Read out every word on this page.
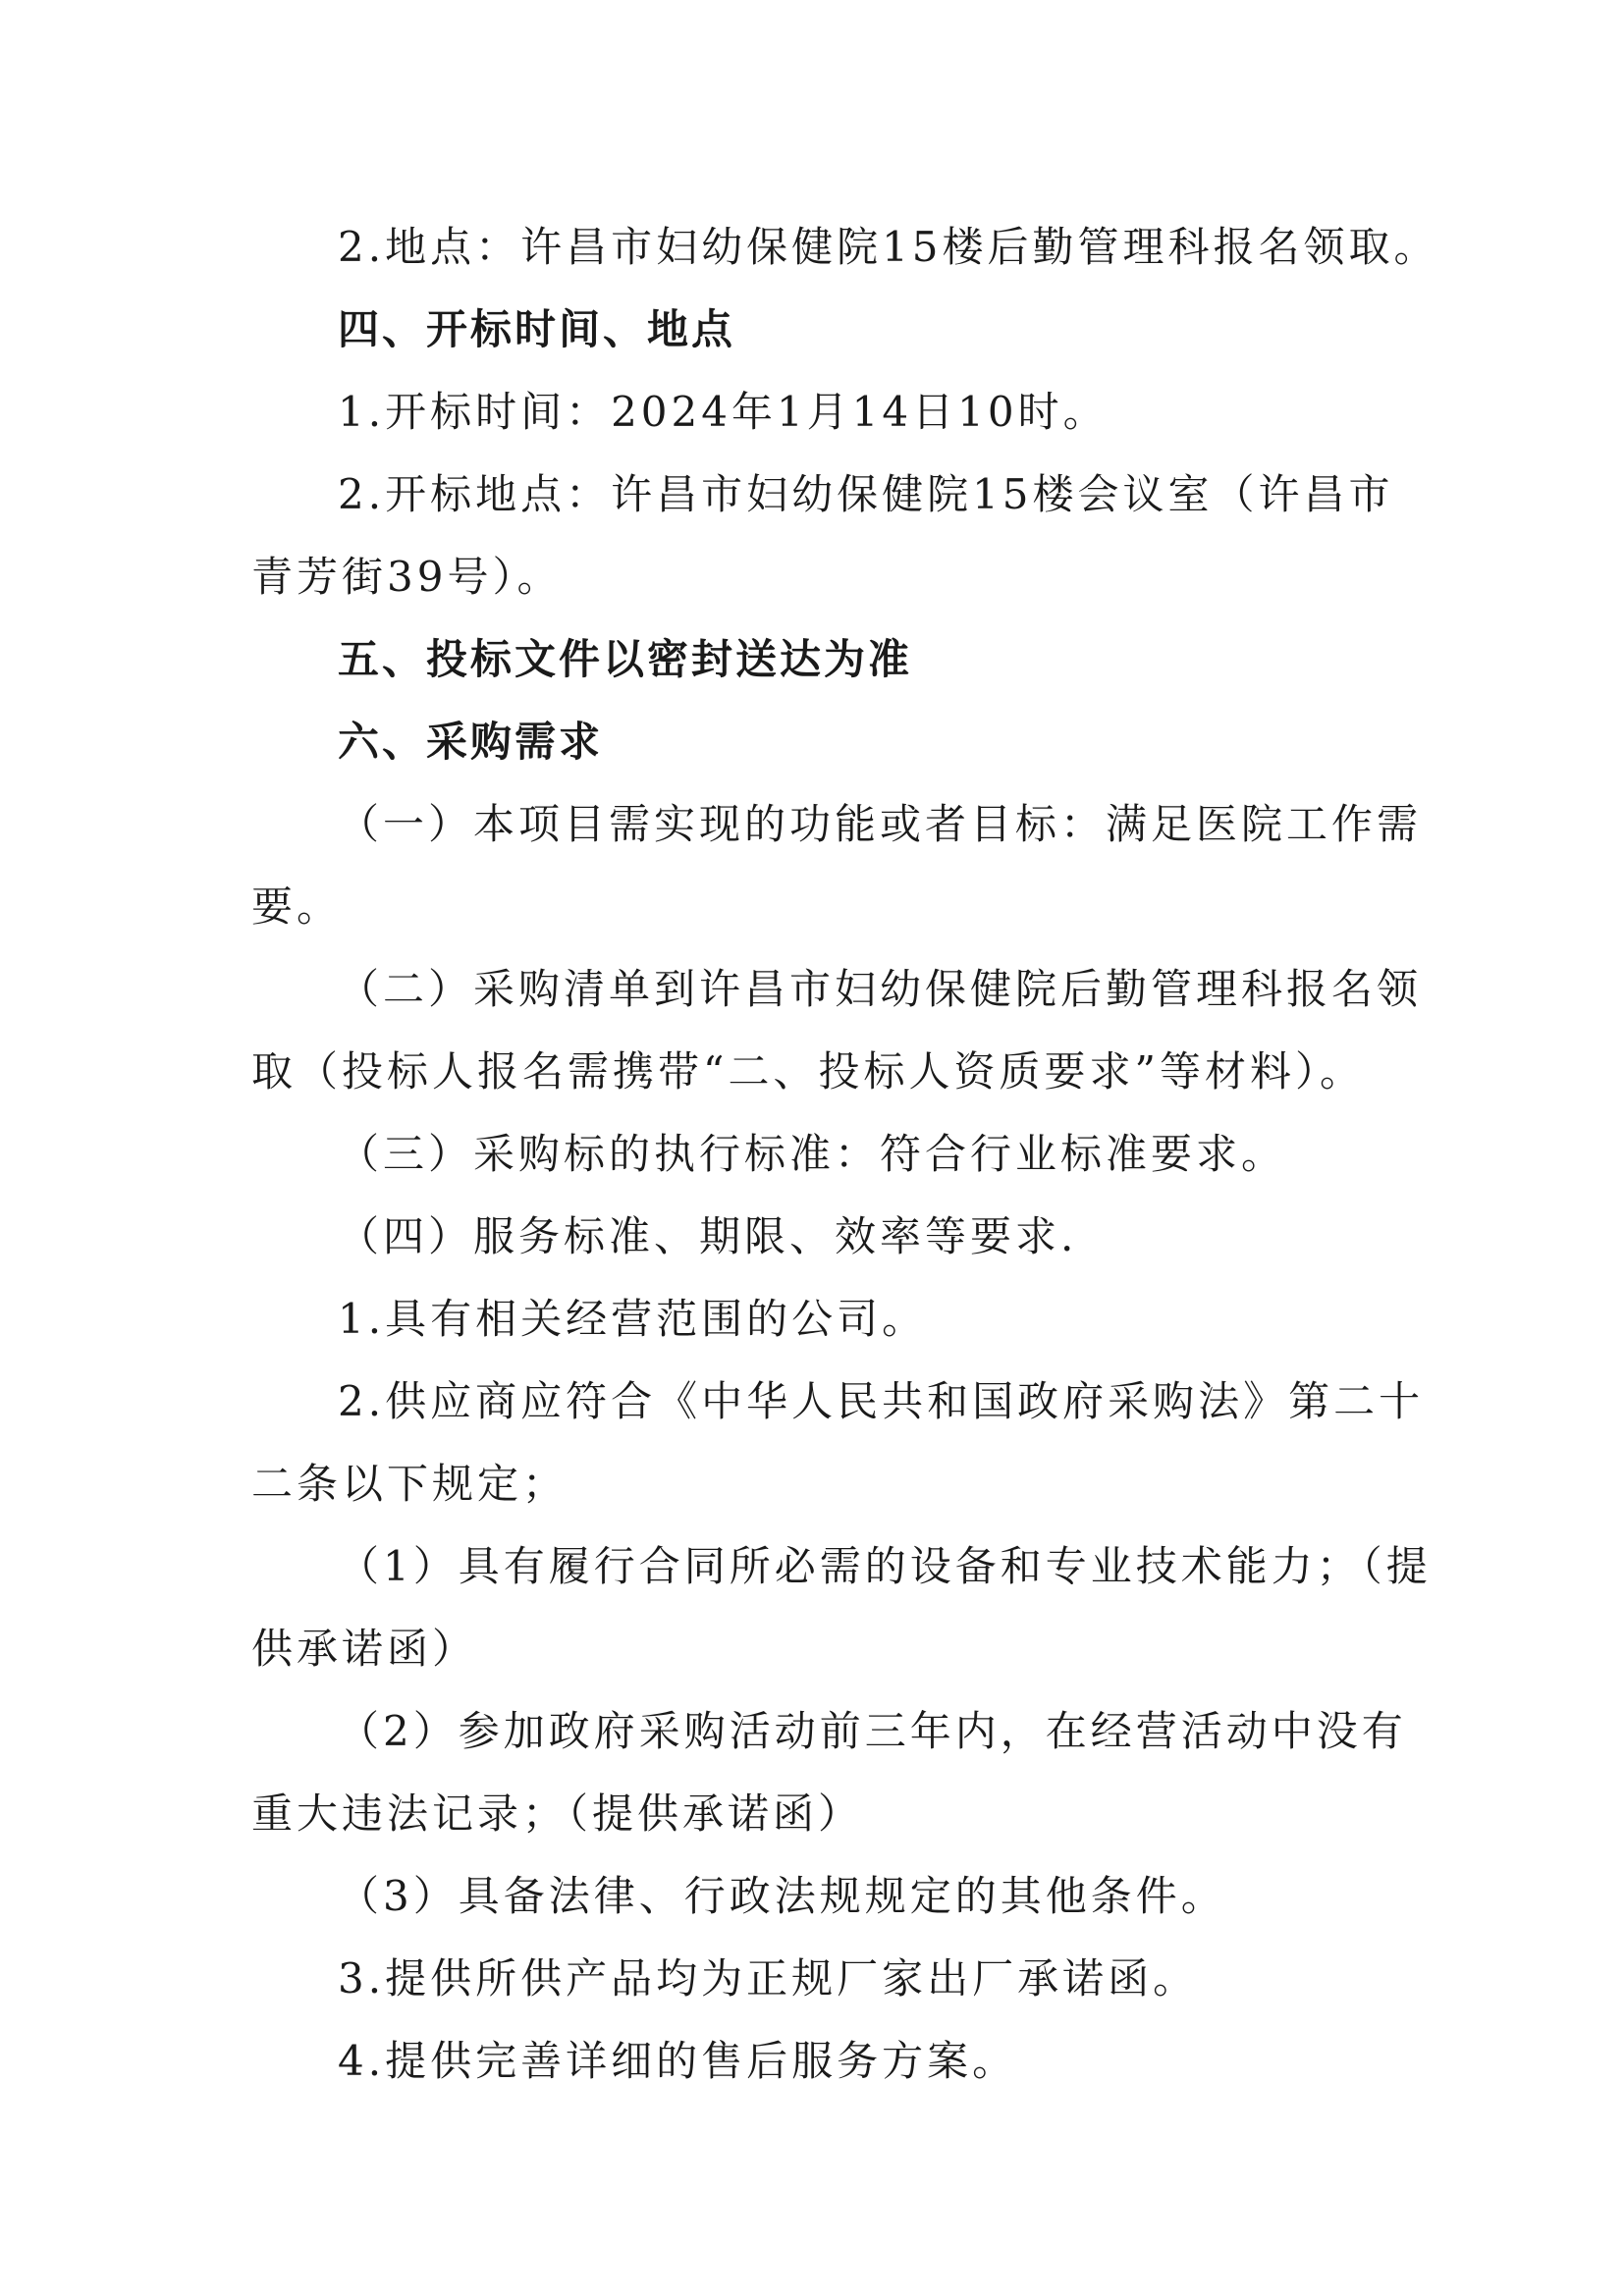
2.地点：许昌市妇幼保健院15楼后勤管理科报名领取。
四、开标时间、地点
1.开标时间：2024年1月14日10时。
2.开标地点：许昌市妇幼保健院15楼会议室（许昌市
青芳街39号）。
五、投标文件以密封送达为准
六、采购需求
（一）本项目需实现的功能或者目标：满足医院工作需
要。
（二）采购清单到许昌市妇幼保健院后勤管理科报名领
取（投标人报名需携带“二、投标人资质要求”等材料）。
（三）采购标的执行标准：符合行业标准要求。
（四）服务标准、期限、效率等要求.
1.具有相关经营范围的公司。
2.供应商应符合《中华人民共和国政府采购法》第二十
二条以下规定；
（1）具有履行合同所必需的设备和专业技术能力；（提
供承诺函）
（2）参加政府采购活动前三年内，在经营活动中没有
重大违法记录；（提供承诺函）
（3）具备法律、行政法规规定的其他条件。
3.提供所供产品均为正规厂家出厂承诺函。
4.提供完善详细的售后服务方案。
